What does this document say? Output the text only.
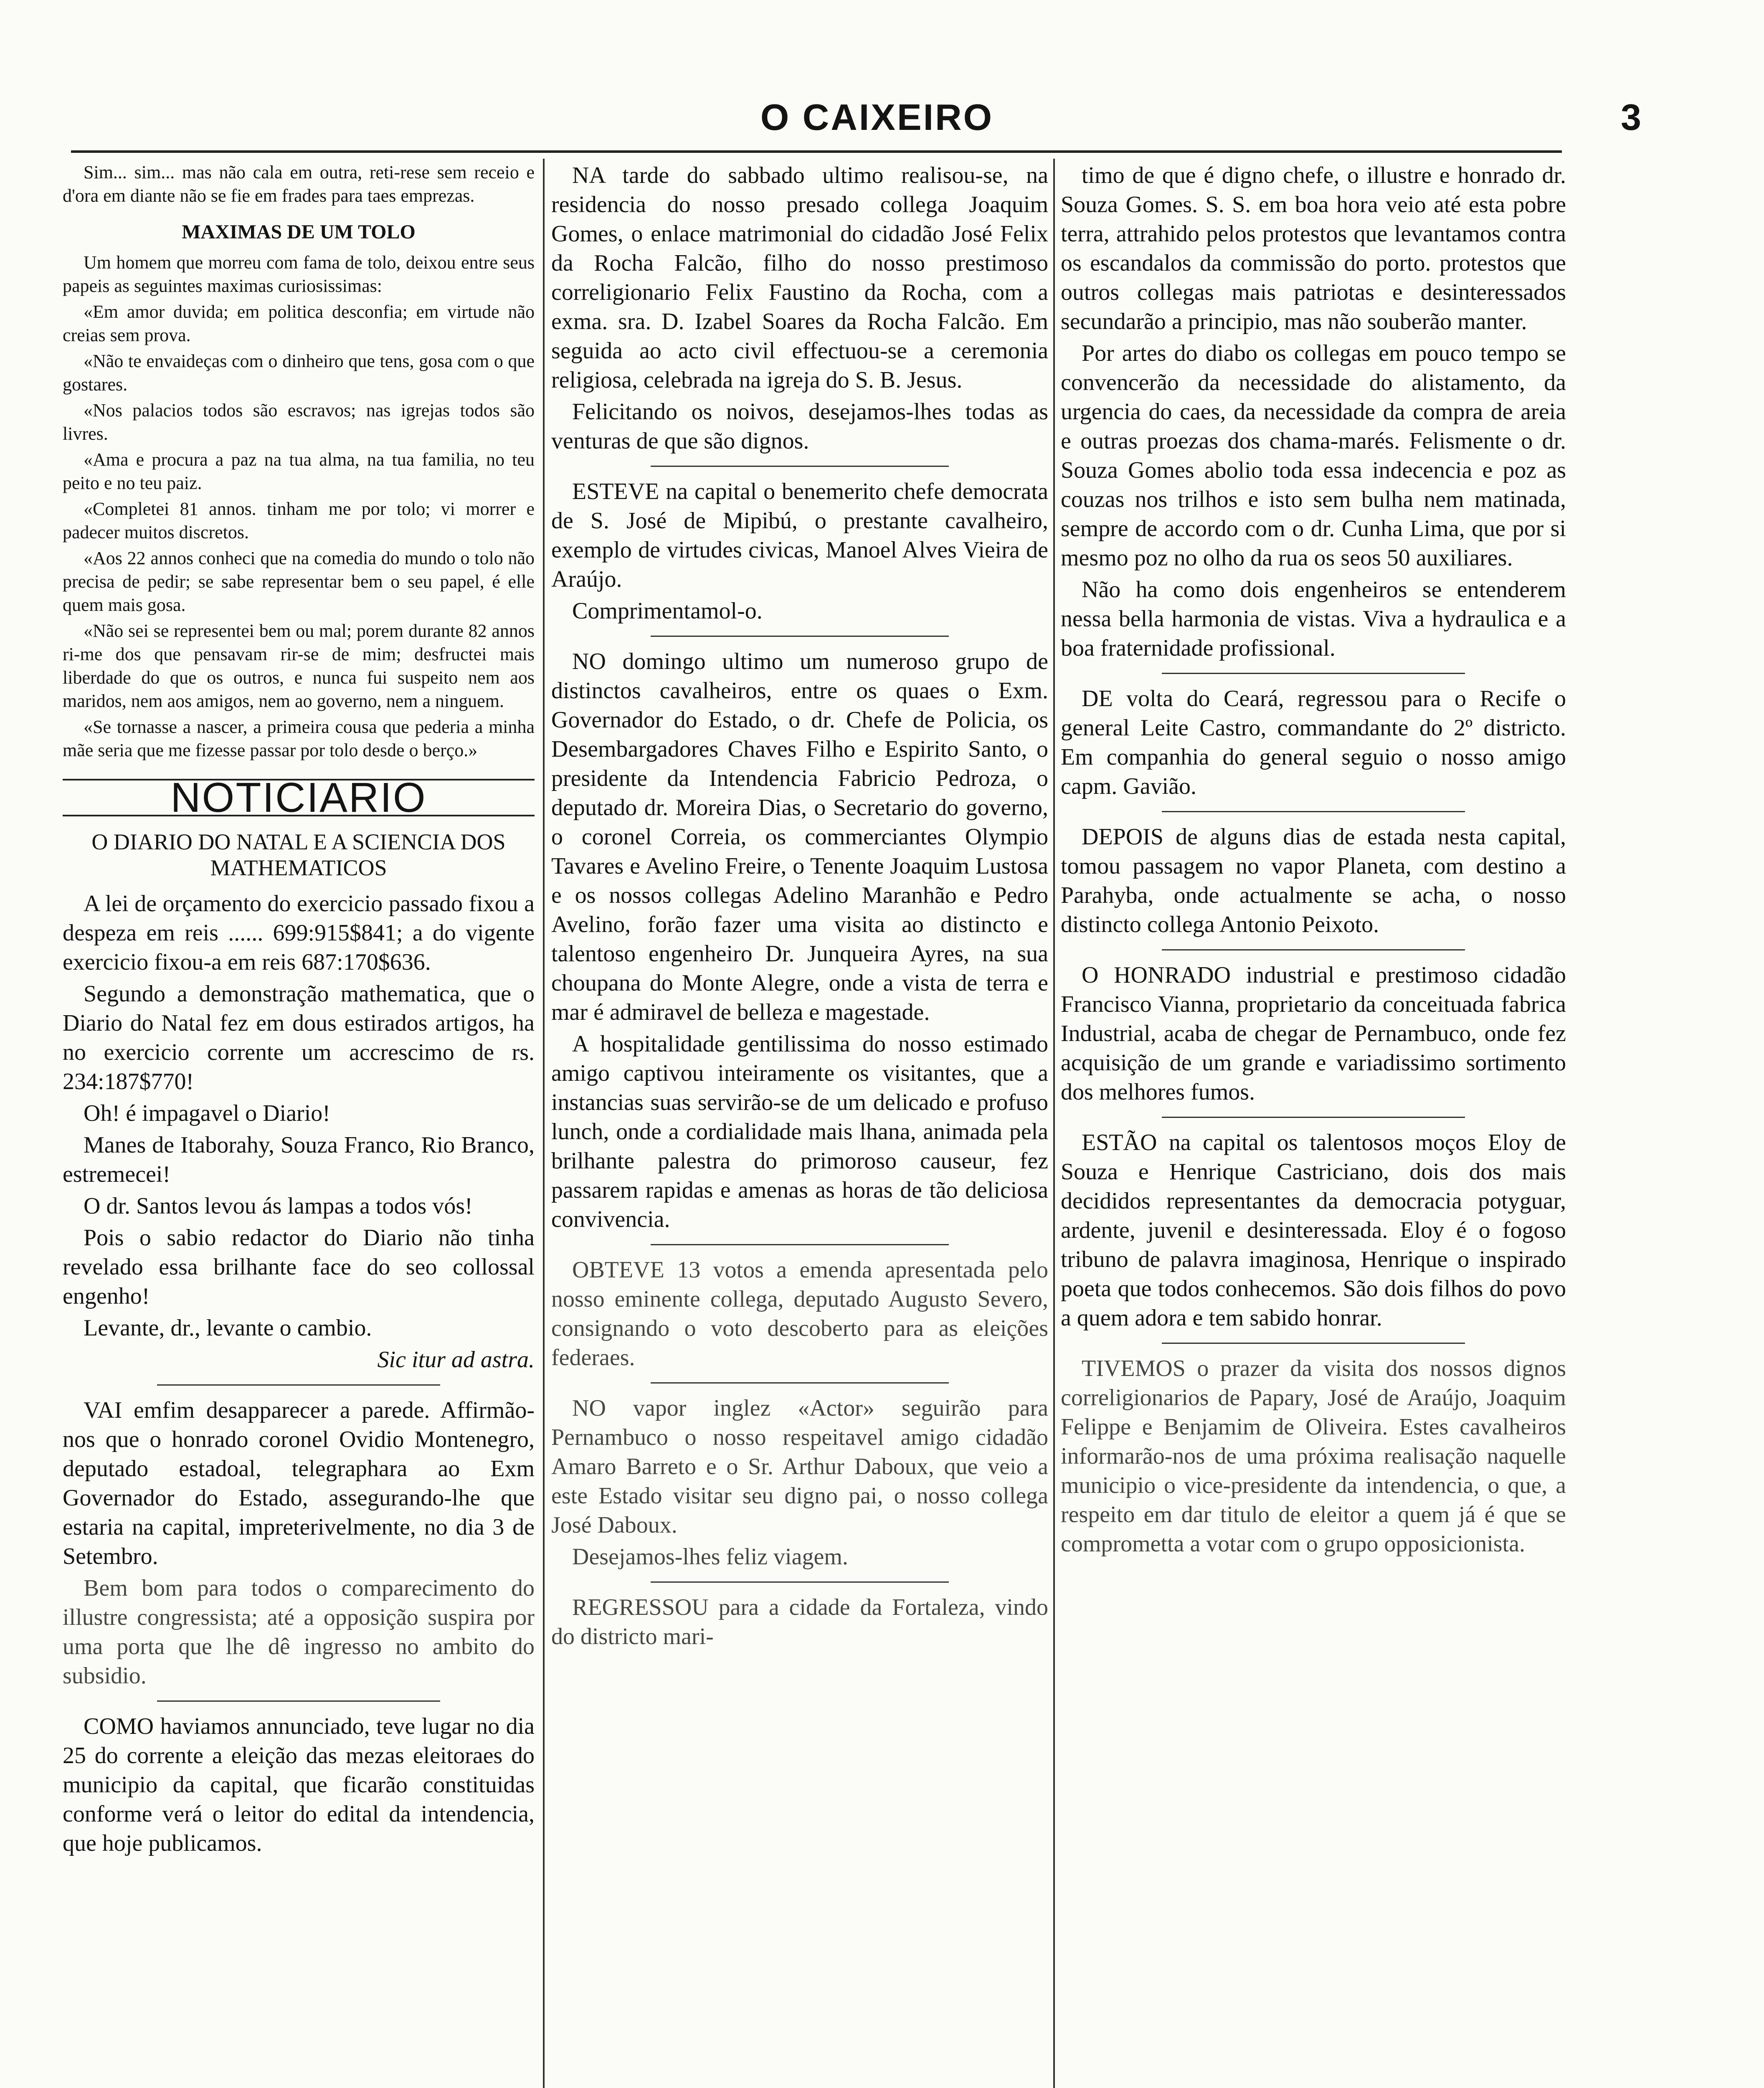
O CAIXEIRO	3

Sim... sim... mas não cala em outra, reti-rese sem receio e d'ora em diante não se fie em frades para taes emprezas.

MAXIMAS DE UM TOLO

Um homem que morreu com fama de tolo, deixou entre seus papeis as seguintes maximas curiosissimas:

«Em amor duvida; em politica desconfia; em virtude não creias sem prova.

«Não te envaideças com o dinheiro que tens, gosa com o que gostares.

«Nos palacios todos são escravos; nas igrejas todos são livres.

«Ama e procura a paz na tua alma, na tua familia, no teu peito e no teu paiz.

«Completei 81 annos. tinham me por tolo; vi morrer e padecer muitos discretos.

«Aos 22 annos conheci que na comedia do mundo o tolo não precisa de pedir; se sabe representar bem o seu papel, é elle quem mais gosa.

«Não sei se representei bem ou mal; porem durante 82 annos ri-me dos que pensavam rir-se de mim; desfructei mais liberdade do que os outros, e nunca fui suspeito nem aos maridos, nem aos amigos, nem ao governo, nem a ninguem.

«Se tornasse a nascer, a primeira cousa que pederia a minha mãe seria que me fizesse passar por tolo desde o berço.»

NOTICIARIO
O DIARIO DO NATAL E A SCIENCIA DOS MATHEMATICOS

A lei de orçamento do exercicio passado fixou a despeza em reis ...... 699:915$841; a do vigente exercicio fixou-a em reis 687:170$636.

Segundo a demonstração mathematica, que o Diario do Natal fez em dous estirados artigos, ha no exercicio corrente um accrescimo de rs. 234:187$770!

Oh! é impagavel o Diario!

Manes de Itaborahy, Souza Franco, Rio Branco, estremecei!

O dr. Santos levou ás lampas a todos vós!

Pois o sabio redactor do Diario não tinha revelado essa brilhante face do seo collossal engenho!

Levante, dr., levante o cambio.

Sic itur ad astra.

VAI emfim desapparecer a parede. Affirmão-nos que o honrado coronel Ovidio Montenegro, deputado estadoal, telegraphara ao Exm Governador do Estado, assegurando-lhe que estaria na capital, impreterivelmente, no dia 3 de Setembro.

Bem bom para todos o comparecimento do illustre congressista; até a opposição suspira por uma porta que lhe dê ingresso no ambito do subsidio.

COMO haviamos annunciado, teve lugar no dia 25 do corrente a eleição das mezas eleitoraes do municipio da capital, que ficarão constituidas conforme verá o leitor do edital da intendencia, que hoje publicamos.

NA tarde do sabbado ultimo realisou-se, na residencia do nosso presado collega Joaquim Gomes, o enlace matrimonial do cidadão José Felix da Rocha Falcão, filho do nosso prestimoso correligionario Felix Faustino da Rocha, com a exma. sra. D. Izabel Soares da Rocha Falcão. Em seguida ao acto civil effectuou-se a ceremonia religiosa, celebrada na igreja do S. B. Jesus.

Felicitando os noivos, desejamos-lhes todas as venturas de que são dignos.

ESTEVE na capital o benemerito chefe democrata de S. José de Mipibú, o prestante cavalheiro, exemplo de virtudes civicas, Manoel Alves Vieira de Araújo.

Comprimentamol-o.

NO domingo ultimo um numeroso grupo de distinctos cavalheiros, entre os quaes o Exm. Governador do Estado, o dr. Chefe de Policia, os Desembargadores Chaves Filho e Espirito Santo, o presidente da Intendencia Fabricio Pedroza, o deputado dr. Moreira Dias, o Secretario do governo, o coronel Correia, os commerciantes Olympio Tavares e Avelino Freire, o Tenente Joaquim Lustosa e os nossos collegas Adelino Maranhão e Pedro Avelino, forão fazer uma visita ao distincto e talentoso engenheiro Dr. Junqueira Ayres, na sua choupana do Monte Alegre, onde a vista de terra e mar é admiravel de belleza e magestade.

A hospitalidade gentilissima do nosso estimado amigo captivou inteiramente os visitantes, que a instancias suas servirão-se de um delicado e profuso lunch, onde a cordialidade mais lhana, animada pela brilhante palestra do primoroso causeur, fez passarem rapidas e amenas as horas de tão deliciosa convivencia.

OBTEVE 13 votos a emenda apresentada pelo nosso eminente collega, deputado Augusto Severo, consignando o voto descoberto para as eleições federaes.

NO vapor inglez «Actor» seguirão para Pernambuco o nosso respeitavel amigo cidadão Amaro Barreto e o Sr. Arthur Daboux, que veio a este Estado visitar seu digno pai, o nosso collega José Daboux.

Desejamos-lhes feliz viagem.

REGRESSOU para a cidade da Fortaleza, vindo do districto mari-

timo de que é digno chefe, o illustre e honrado dr. Souza Gomes. S. S. em boa hora veio até esta pobre terra, attrahido pelos protestos que levantamos contra os escandalos da commissão do porto. protestos que outros collegas mais patriotas e desinteressados secundarão a principio, mas não souberão manter.

Por artes do diabo os collegas em pouco tempo se convencerão da necessidade do alistamento, da urgencia do caes, da necessidade da compra de areia e outras proezas dos chama-marés. Felismente o dr. Souza Gomes abolio toda essa indecencia e poz as couzas nos trilhos e isto sem bulha nem matinada, sempre de accordo com o dr. Cunha Lima, que por si mesmo poz no olho da rua os seos 50 auxiliares.

Não ha como dois engenheiros se entenderem nessa bella harmonia de vistas. Viva a hydraulica e a boa fraternidade profissional.

DE volta do Ceará, regressou para o Recife o general Leite Castro, commandante do 2º districto. Em companhia do general seguio o nosso amigo capm. Gavião.

DEPOIS de alguns dias de estada nesta capital, tomou passagem no vapor Planeta, com destino a Parahyba, onde actualmente se acha, o nosso distincto collega Antonio Peixoto.

O HONRADO industrial e prestimoso cidadão Francisco Vianna, proprietario da conceituada fabrica Industrial, acaba de chegar de Pernambuco, onde fez acquisição de um grande e variadissimo sortimento dos melhores fumos.

ESTÃO na capital os talentosos moços Eloy de Souza e Henrique Castriciano, dois dos mais decididos representantes da democracia potyguar, ardente, juvenil e desinteressada. Eloy é o fogoso tribuno de palavra imaginosa, Henrique o inspirado poeta que todos conhecemos. São dois filhos do povo a quem adora e tem sabido honrar.

TIVEMOS o prazer da visita dos nossos dignos correligionarios de Papary, José de Araújo, Joaquim Felippe e Benjamim de Oliveira. Estes cavalheiros informarão-nos de uma próxima realisação naquelle municipio o vice-presidente da intendencia, o que, a respeito em dar titulo de eleitor a quem já é que se comprometta a votar com o grupo opposicionista.
